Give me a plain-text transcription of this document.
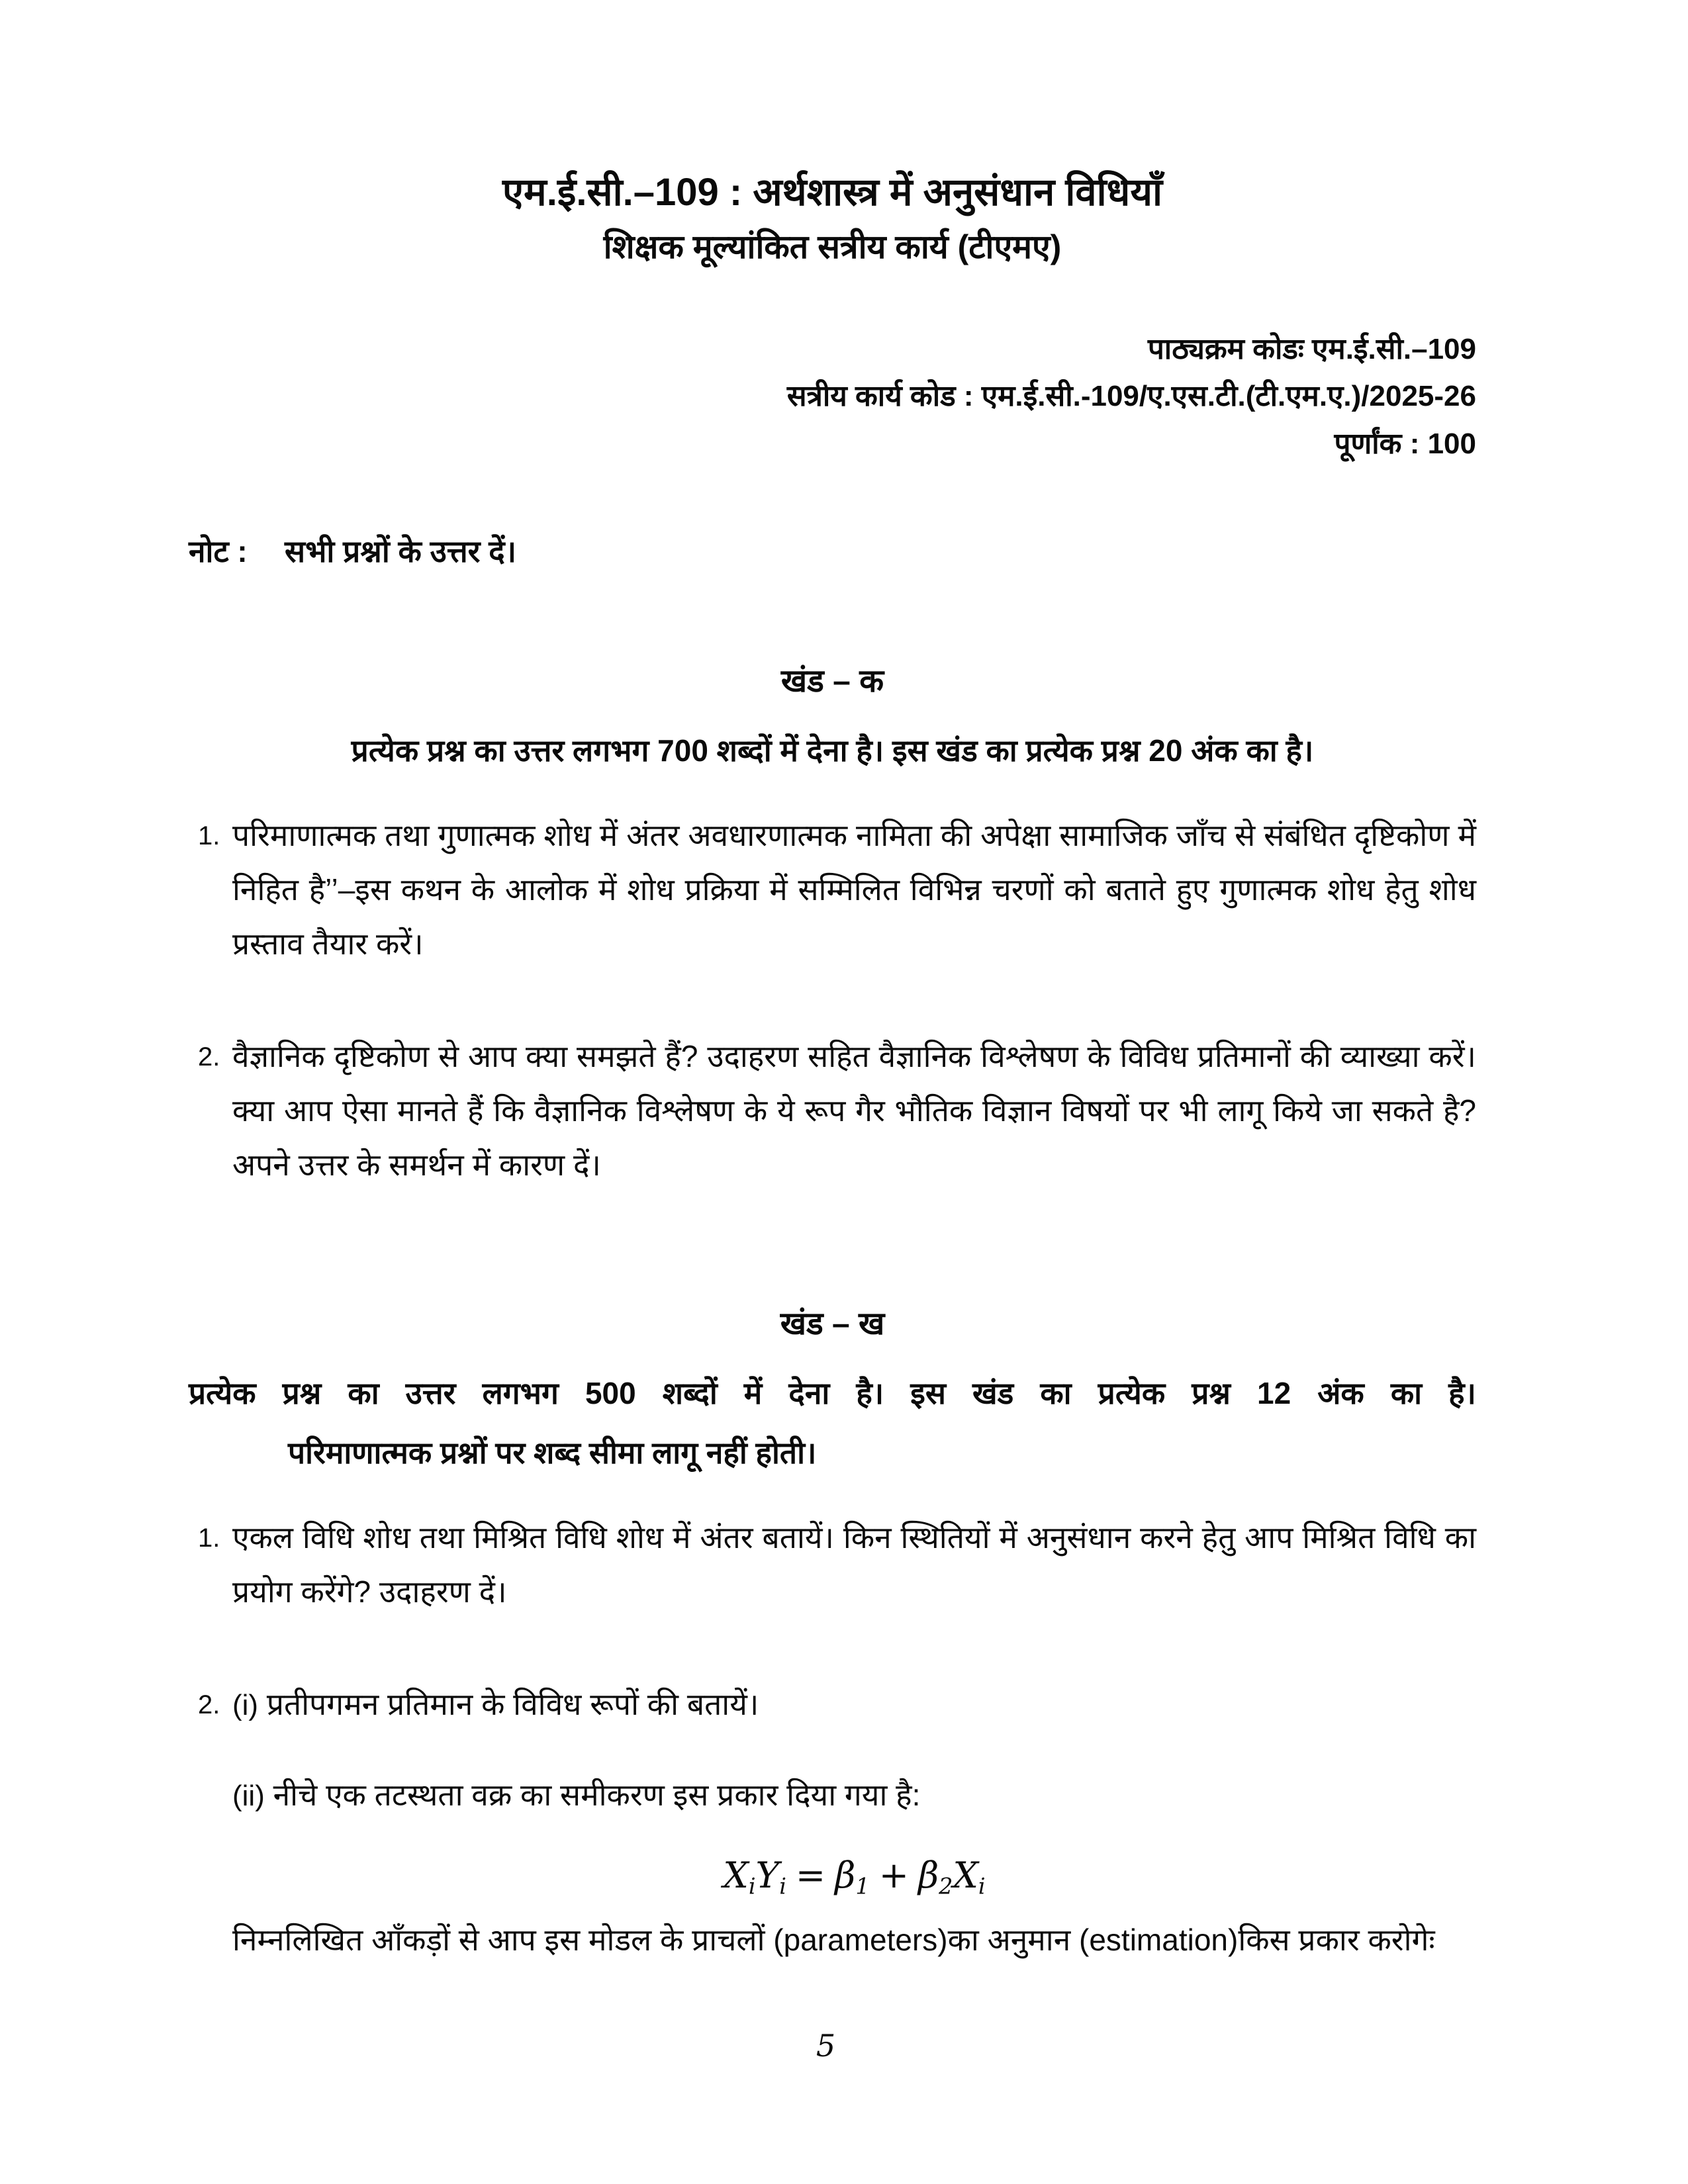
एम.ई.सी.–109 : अर्थशास्त्र में अनुसंधान विधियाँ
शिक्षक मूल्यांकित सत्रीय कार्य (टीएमए)
पाठ्यक्रम कोडः एम.ई.सी.–109
सत्रीय कार्य कोड : एम.ई.सी.-109/ए.एस.टी.(टी.एम.ए.)/2025-26
पूर्णांक : 100
नोट :	सभी प्रश्नों के उत्तर दें।
खंड – क
प्रत्येक प्रश्न का उत्तर लगभग 700 शब्दों में देना है। इस खंड का प्रत्येक प्रश्न 20 अंक का है।
1. परिमाणात्मक तथा गुणात्मक शोध में अंतर अवधारणात्मक नामिता की अपेक्षा सामाजिक जाँच से संबंधित दृष्टिकोण में निहित है’’–इस कथन के आलोक में शोध प्रक्रिया में सम्मिलित विभिन्न चरणों को बताते हुए गुणात्मक शोध हेतु शोध प्रस्ताव तैयार करें।
2. वैज्ञानिक दृष्टिकोण से आप क्या समझते हैं? उदाहरण सहित वैज्ञानिक विश्लेषण के विविध प्रतिमानों की व्याख्या करें। क्या आप ऐसा मानते हैं कि वैज्ञानिक विश्लेषण के ये रूप गैर भौतिक विज्ञान विषयों पर भी लागू किये जा सकते है? अपने उत्तर के समर्थन में कारण दें।
खंड – ख
प्रत्येक प्रश्न का उत्तर लगभग 500 शब्दों में देना है। इस खंड का प्रत्येक प्रश्न 12 अंक का है।
परिमाणात्मक प्रश्नों पर शब्द सीमा लागू नहीं होती।
1. एकल विधि शोध तथा मिश्रित विधि शोध में अंतर बतायें। किन स्थितियों में अनुसंधान करने हेतु आप मिश्रित विधि का प्रयोग करेंगे? उदाहरण दें।
2. (i) प्रतीपगमन प्रतिमान के विविध रूपों की बतायें।

(ii) नीचे एक तटस्थता वक्र का समीकरण इस प्रकार दिया गया है:

$X_iY_i = \beta_1 + \beta_2X_i$
निम्नलिखित आँकड़ों से आप इस मोडल के प्राचलों (parameters)का अनुमान (estimation)किस प्रकार करोगेः
5
